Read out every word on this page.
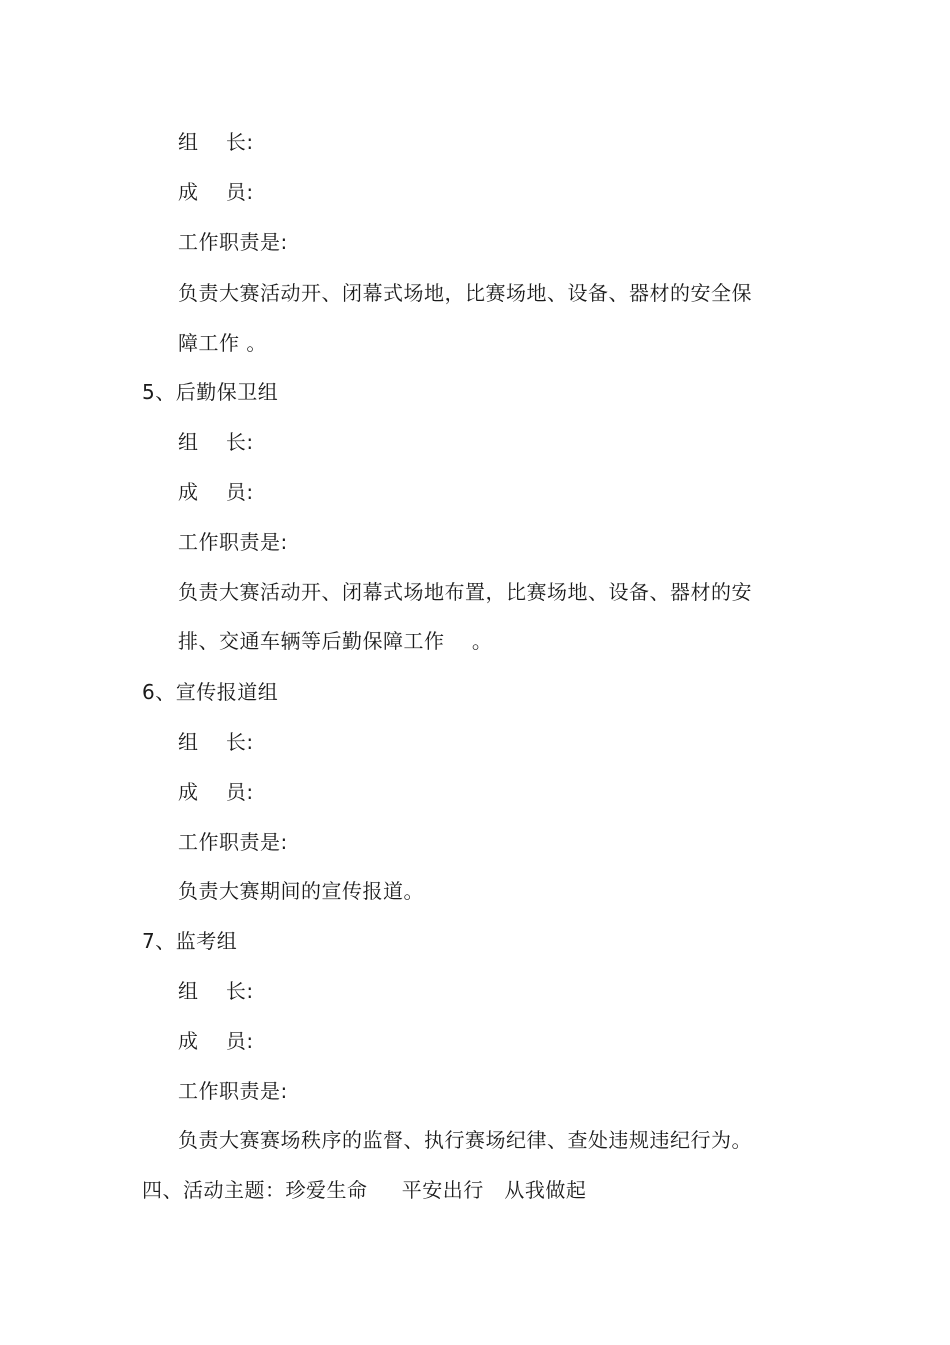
组    长:
成    员:
工作职责是:
负责大赛活动开、闭幕式场地，比赛场地、设备、器材的安全保
障工作 。
5、后勤保卫组
组    长:
成    员:
工作职责是:
负责大赛活动开、闭幕式场地布置，比赛场地、设备、器材的安
排、交通车辆等后勤保障工作    。
6、宣传报道组
组    长:
成    员:
工作职责是:
负责大赛期间的宣传报道。
7、监考组
组    长:
成    员:
工作职责是:
负责大赛赛场秩序的监督、执行赛场纪律、查处违规违纪行为。
四、活动主题：珍爱生命     平安出行   从我做起
